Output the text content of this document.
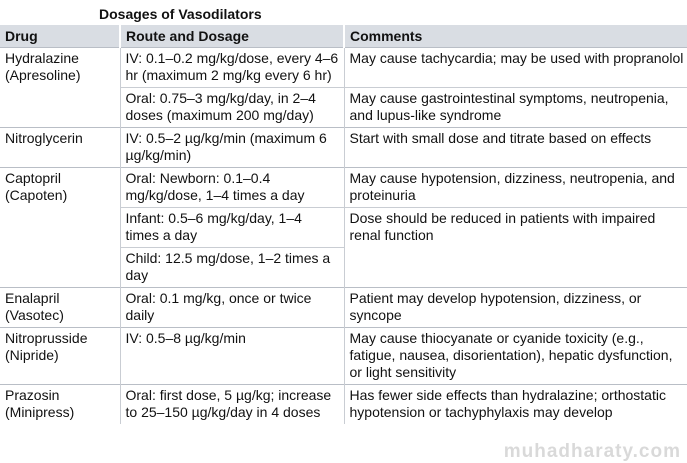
Dosages of Vasodilators
Drug	Route and Dosage	Comments
Hydralazine (Apresoline)	IV: 0.1–0.2 mg/kg/dose, every 4–6 hr (maximum 2 mg/kg every 6 hr)	May cause tachycardia; may be used with propranolol
	Oral: 0.75–3 mg/kg/day, in 2–4 doses (maximum 200 mg/day)	May cause gastrointestinal symptoms, neutropenia,
and lupus-like syndrome

Nitroglycerin	IV: 0.5–2 µg/kg/min (maximum 6 µg/kg/min)	Start with small dose and titrate based on effects
Captopril (Capoten)	Oral: Newborn: 0.1–0.4 mg/kg/dose, 1–4 times a day	May cause hypotension, dizziness, neutropenia, and
proteinuria

	Infant: 0.5–6 mg/kg/day, 1–4 times a day	Dose should be reduced in patients with impaired
renal function

	Child: 12.5 mg/dose, 1–2 times a day	
Enalapril (Vasotec)	Oral: 0.1 mg/kg, once or twice daily	Patient may develop hypotension, dizziness, or
syncope

Nitroprusside (Nipride)	IV: 0.5–8 µg/kg/min	May cause thiocyanate or cyanide toxicity (e.g.,
fatigue, nausea, disorientation), hepatic dysfunction,
or light sensitivity

Prazosin (Minipress)	Oral: first dose, 5 µg/kg; increase to 25–150 µg/kg/day in 4 doses	Has fewer side effects than hydralazine; orthostatic
hypotension or tachyphylaxis may develop
muhadharaty.com
